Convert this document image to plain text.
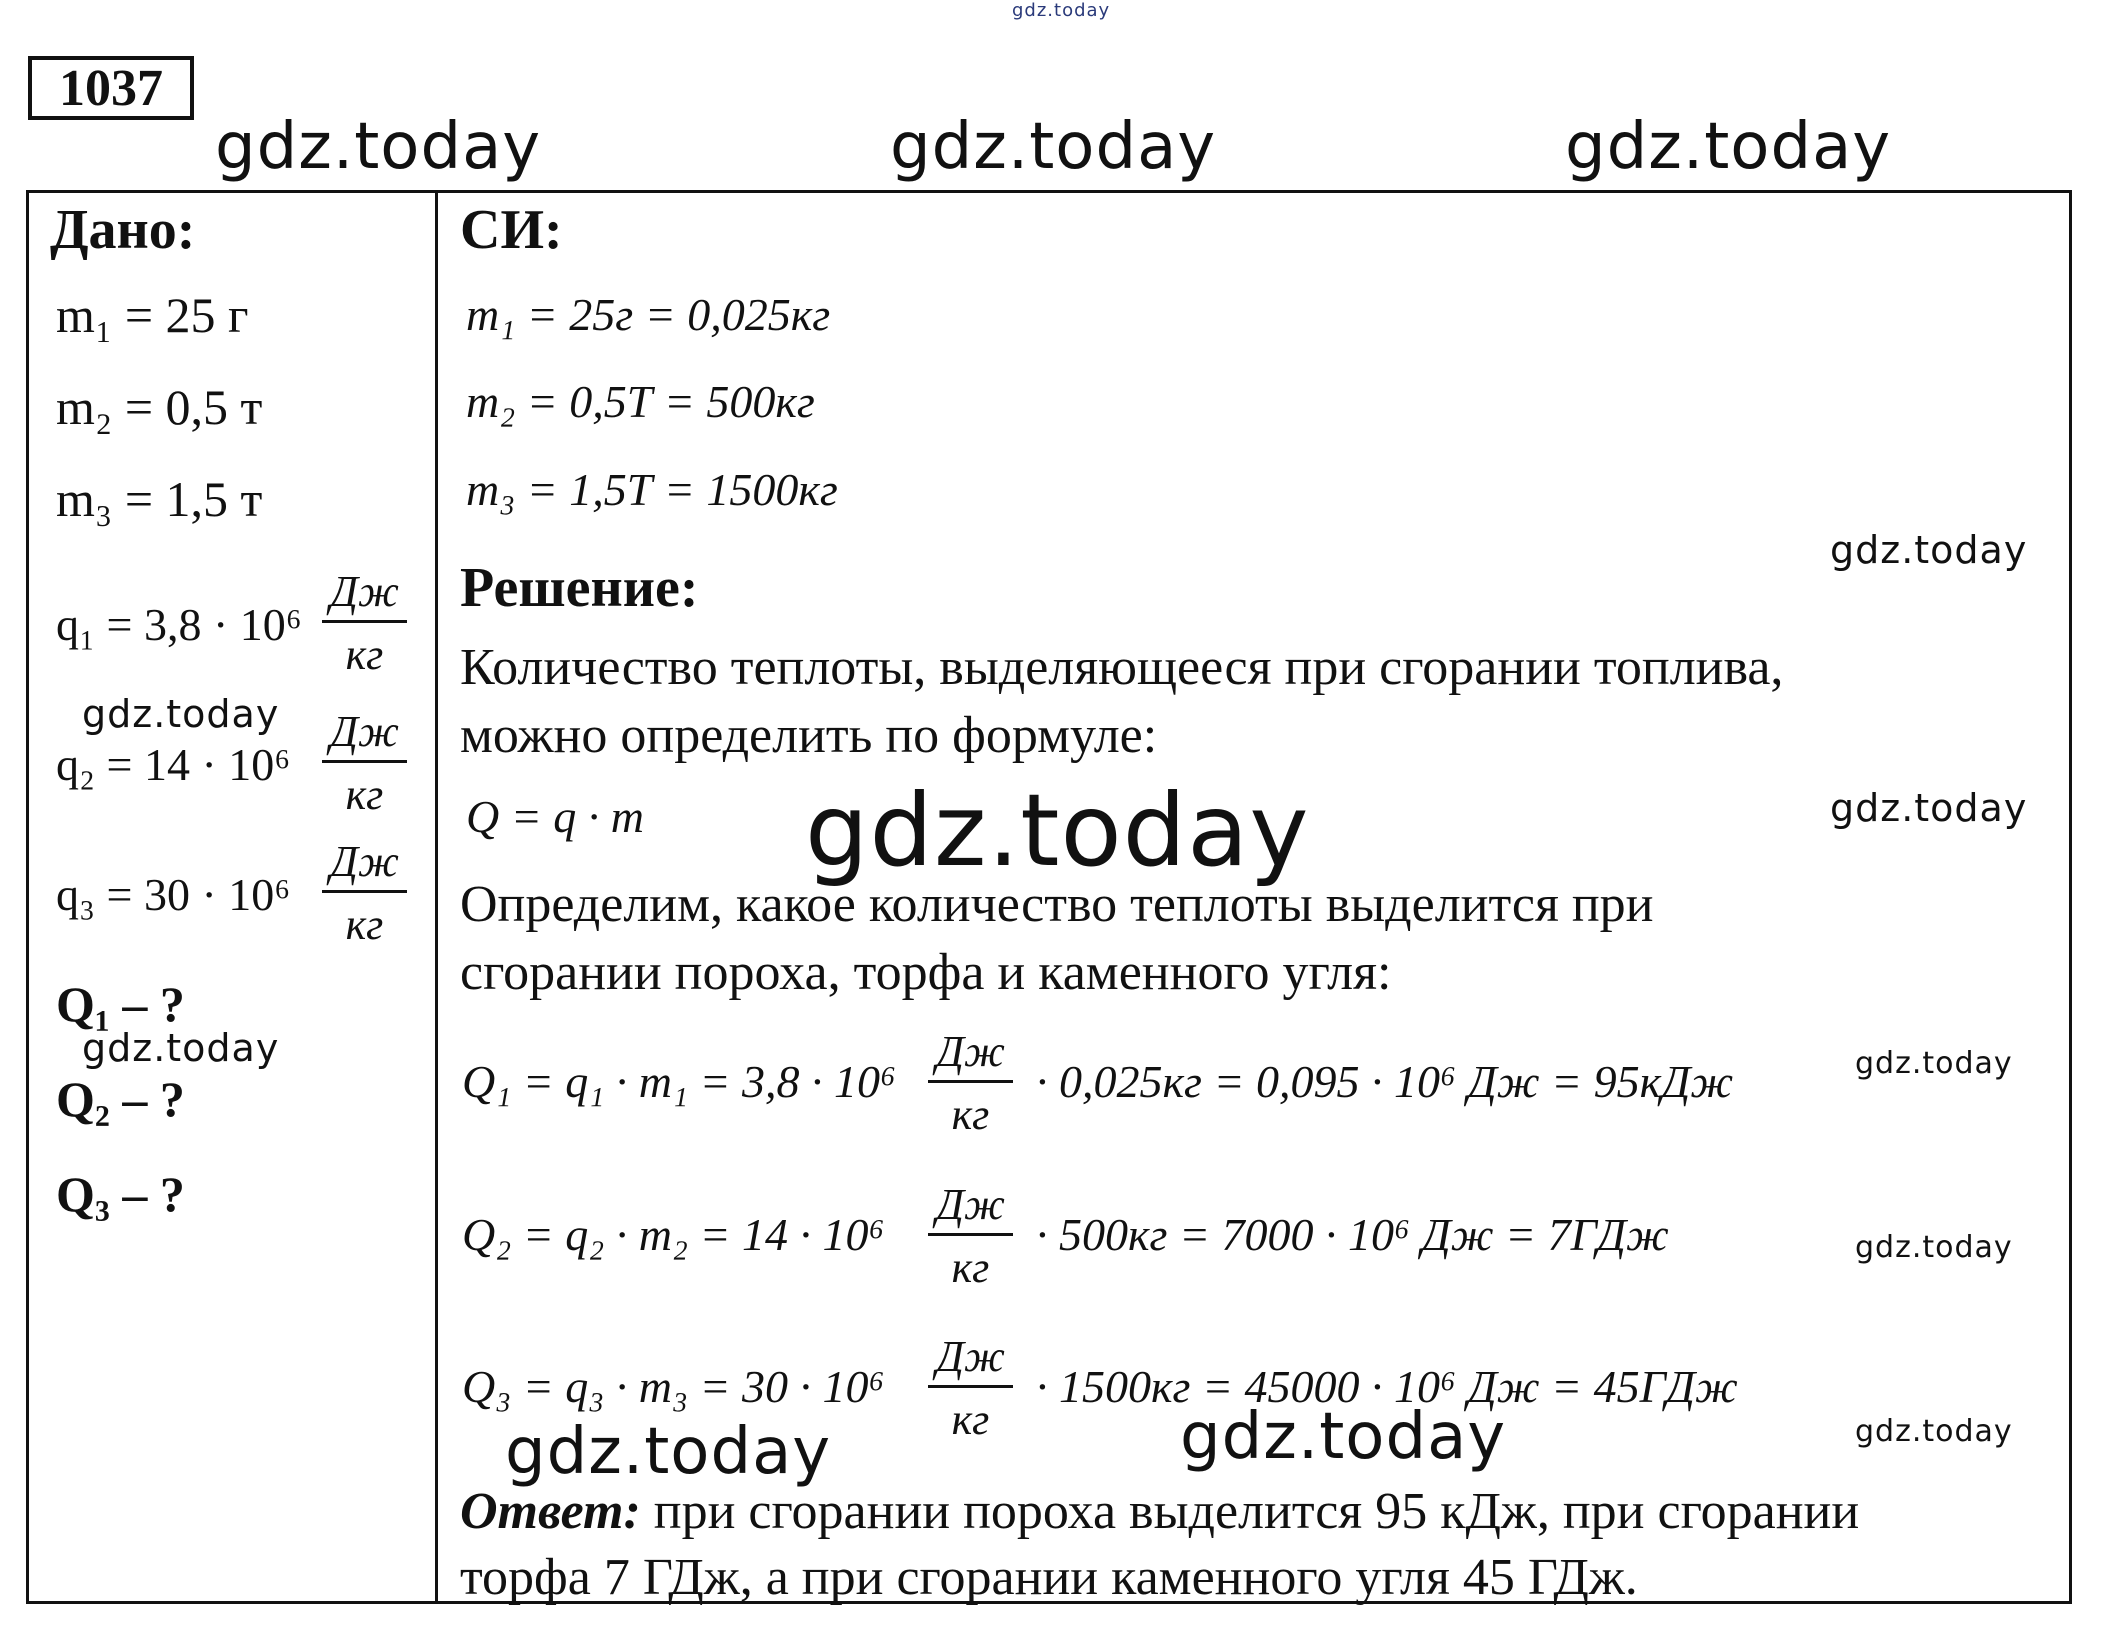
gdz.today
gdz.today	gdz.today	gdz.today
1037
Дано:
m₁ = 25 г
m₂ = 0,5 т
m₃ = 1,5 т
q₁ = 3,8 · 10⁶
Дж
кг
gdz.today
q₂ = 14 · 10⁶
Дж
кг
q₃ = 30 · 10⁶
Дж
кг
Q₁ – ?
gdz.today
Q₂ – ?
Q₃ – ?
СИ:
m₁ = 25г = 0,025кг
m₂ = 0,5Т = 500кг
m₃ = 1,5Т = 1500кг
gdz.today
Решение:
Количество теплоты, выделяющееся при сгорании топлива,
можно определить по формуле:
Q = q · m gdz.today	gdz.today
Определим, какое количество теплоты выделится при
сгорании пороха, торфа и каменного угля:
Q₁ = q₁ · m₁ = 3,8 · 10⁶
Дж
кг
· 0,025кг = 0,095 · 10⁶ Дж = 95кДж	gdz.today
Q₂ = q₂ · m₂ = 14 · 10⁶
Дж
кг
· 500кг = 7000 · 10⁶ Дж = 7ГДж	gdz.today
Q₃ = q₃ · m₃ = 30 · 10⁶
Дж
кг
· 1500кг = 45000 · 10⁶ Дж = 45ГДж
gdz.today
gdz.today	gdz.today
Ответ: при сгорании пороха выделится 95 кДж, при сгорании
торфа 7 ГДж, а при сгорании каменного угля 45 ГДж.
